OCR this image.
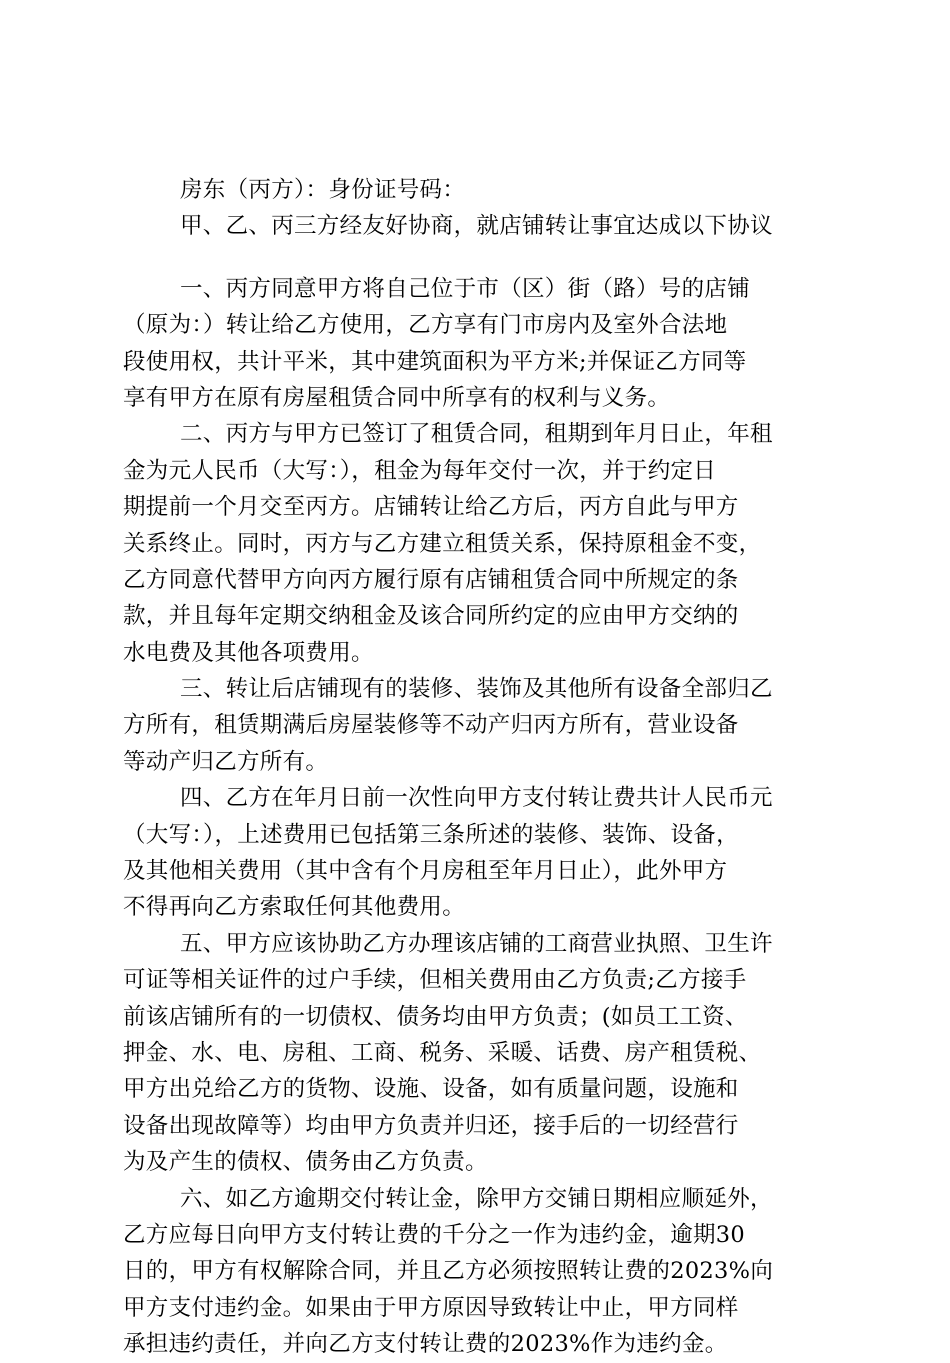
房东（丙方）：身份证号码：
甲、乙、丙三方经友好协商，就店铺转让事宜达成以下协议
一、丙方同意甲方将自己位于市（区）街（路）号的店铺
（原为：）转让给乙方使用，乙方享有门市房内及室外合法地
段使用权，共计平米，其中建筑面积为平方米;并保证乙方同等
享有甲方在原有房屋租赁合同中所享有的权利与义务。
二、丙方与甲方已签订了租赁合同，租期到年月日止，年租
金为元人民币（大写：），租金为每年交付一次，并于约定日
期提前一个月交至丙方。店铺转让给乙方后，丙方自此与甲方
关系终止。同时，丙方与乙方建立租赁关系，保持原租金不变，
乙方同意代替甲方向丙方履行原有店铺租赁合同中所规定的条
款，并且每年定期交纳租金及该合同所约定的应由甲方交纳的
水电费及其他各项费用。
三、转让后店铺现有的装修、装饰及其他所有设备全部归乙
方所有，租赁期满后房屋装修等不动产归丙方所有，营业设备
等动产归乙方所有。
四、乙方在年月日前一次性向甲方支付转让费共计人民币元
（大写：），上述费用已包括第三条所述的装修、装饰、设备，
及其他相关费用（其中含有个月房租至年月日止），此外甲方
不得再向乙方索取任何其他费用。
五、甲方应该协助乙方办理该店铺的工商营业执照、卫生许
可证等相关证件的过户手续，但相关费用由乙方负责;乙方接手
前该店铺所有的一切债权、债务均由甲方负责；(如员工工资、
押金、水、电、房租、工商、税务、采暖、话费、房产租赁税、
甲方出兑给乙方的货物、设施、设备，如有质量问题，设施和
设备出现故障等）均由甲方负责并归还，接手后的一切经营行
为及产生的债权、债务由乙方负责。
六、如乙方逾期交付转让金，除甲方交铺日期相应顺延外，
乙方应每日向甲方支付转让费的千分之一作为违约金，逾期30
日的，甲方有权解除合同，并且乙方必须按照转让费的2023%向
甲方支付违约金。如果由于甲方原因导致转让中止，甲方同样
承担违约责任，并向乙方支付转让费的2023%作为违约金。
